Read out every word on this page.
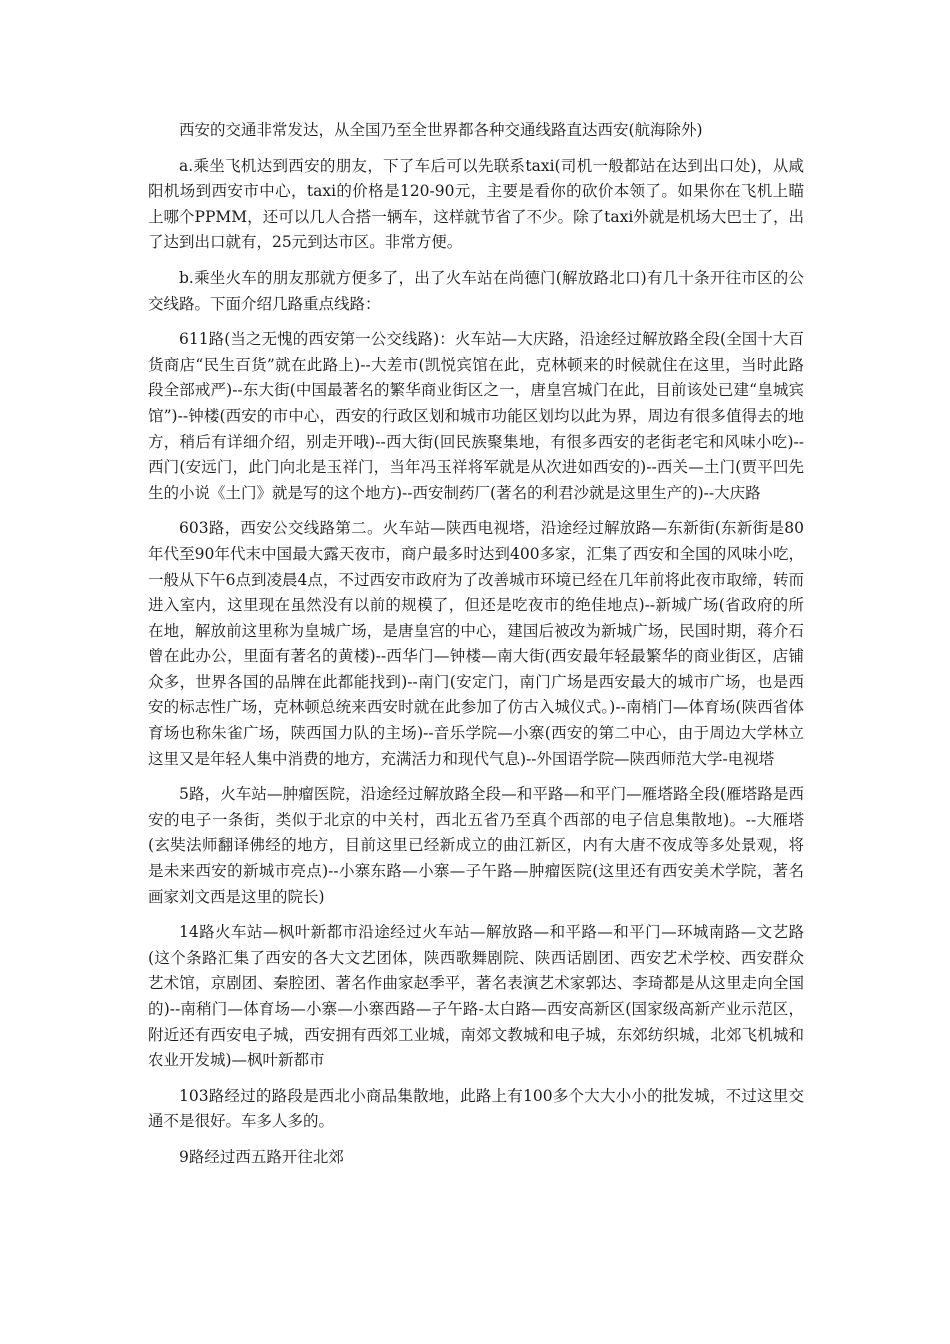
西安的交通非常发达，从全国乃至全世界都各种交通线路直达西安(航海除外)

a.乘坐飞机达到西安的朋友，下了车后可以先联系taxi(司机一般都站在达到出口处)，从咸阳机场到西安市中心，taxi的价格是120-90元，主要是看你的砍价本领了。如果你在飞机上瞄上哪个PPMM，还可以几人合搭一辆车，这样就节省了不少。除了taxi外就是机场大巴士了，出了达到出口就有，25元到达市区。非常方便。

b.乘坐火车的朋友那就方便多了，出了火车站在尚德门(解放路北口)有几十条开往市区的公交线路。下面介绍几路重点线路：

611路(当之无愧的西安第一公交线路)：火车站—大庆路，沿途经过解放路全段(全国十大百货商店“民生百货”就在此路上)--大差市(凯悦宾馆在此，克林顿来的时候就住在这里，当时此路段全部戒严)--东大街(中国最著名的繁华商业街区之一，唐皇宫城门在此，目前该处已建“皇城宾馆”)--钟楼(西安的市中心，西安的行政区划和城市功能区划均以此为界，周边有很多值得去的地方，稍后有详细介绍，别走开哦)--西大街(回民族聚集地，有很多西安的老街老宅和风味小吃)--西门(安远门，此门向北是玉祥门，当年冯玉祥将军就是从次进如西安的)--西关—土门(贾平凹先生的小说《土门》就是写的这个地方)--西安制药厂(著名的利君沙就是这里生产的)--大庆路

603路，西安公交线路第二。火车站—陕西电视塔，沿途经过解放路—东新街(东新街是80年代至90年代末中国最大露天夜市，商户最多时达到400多家，汇集了西安和全国的风味小吃，一般从下午6点到凌晨4点，不过西安市政府为了改善城市环境已经在几年前将此夜市取缔，转而进入室内，这里现在虽然没有以前的规模了，但还是吃夜市的绝佳地点)--新城广场(省政府的所在地，解放前这里称为皇城广场，是唐皇宫的中心，建国后被改为新城广场，民国时期，蒋介石曾在此办公，里面有著名的黄楼)--西华门—钟楼—南大街(西安最年轻最繁华的商业街区，店铺众多，世界各国的品牌在此都能找到)--南门(安定门，南门广场是西安最大的城市广场，也是西安的标志性广场，克林顿总统来西安时就在此参加了仿古入城仪式。)--南梢门—体育场(陕西省体育场也称朱雀广场，陕西国力队的主场)--音乐学院—小寨(西安的第二中心，由于周边大学林立这里又是年轻人集中消费的地方，充满活力和现代气息)--外国语学院—陕西师范大学-电视塔

5路，火车站—肿瘤医院，沿途经过解放路全段—和平路—和平门—雁塔路全段(雁塔路是西安的电子一条街，类似于北京的中关村，西北五省乃至真个西部的电子信息集散地)。--大雁塔(玄奘法师翻译佛经的地方，目前这里已经新成立的曲江新区，内有大唐不夜成等多处景观，将是未来西安的新城市亮点)--小寨东路—小寨—子午路—肿瘤医院(这里还有西安美术学院，著名画家刘文西是这里的院长)

14路火车站—枫叶新都市沿途经过火车站—解放路—和平路—和平门—环城南路—文艺路(这个条路汇集了西安的各大文艺团体，陕西歌舞剧院、陕西话剧团、西安艺术学校、西安群众艺术馆，京剧团、秦腔团、著名作曲家赵季平，著名表演艺术家郭达、李琦都是从这里走向全国的)--南稍门—体育场—小寨—小寨西路—子午路-太白路—西安高新区(国家级高新产业示范区，附近还有西安电子城，西安拥有西郊工业城，南郊文教城和电子城，东郊纺织城，北郊飞机城和农业开发城)—枫叶新都市

103路经过的路段是西北小商品集散地，此路上有100多个大大小小的批发城，不过这里交通不是很好。车多人多的。

9路经过西五路开往北郊
